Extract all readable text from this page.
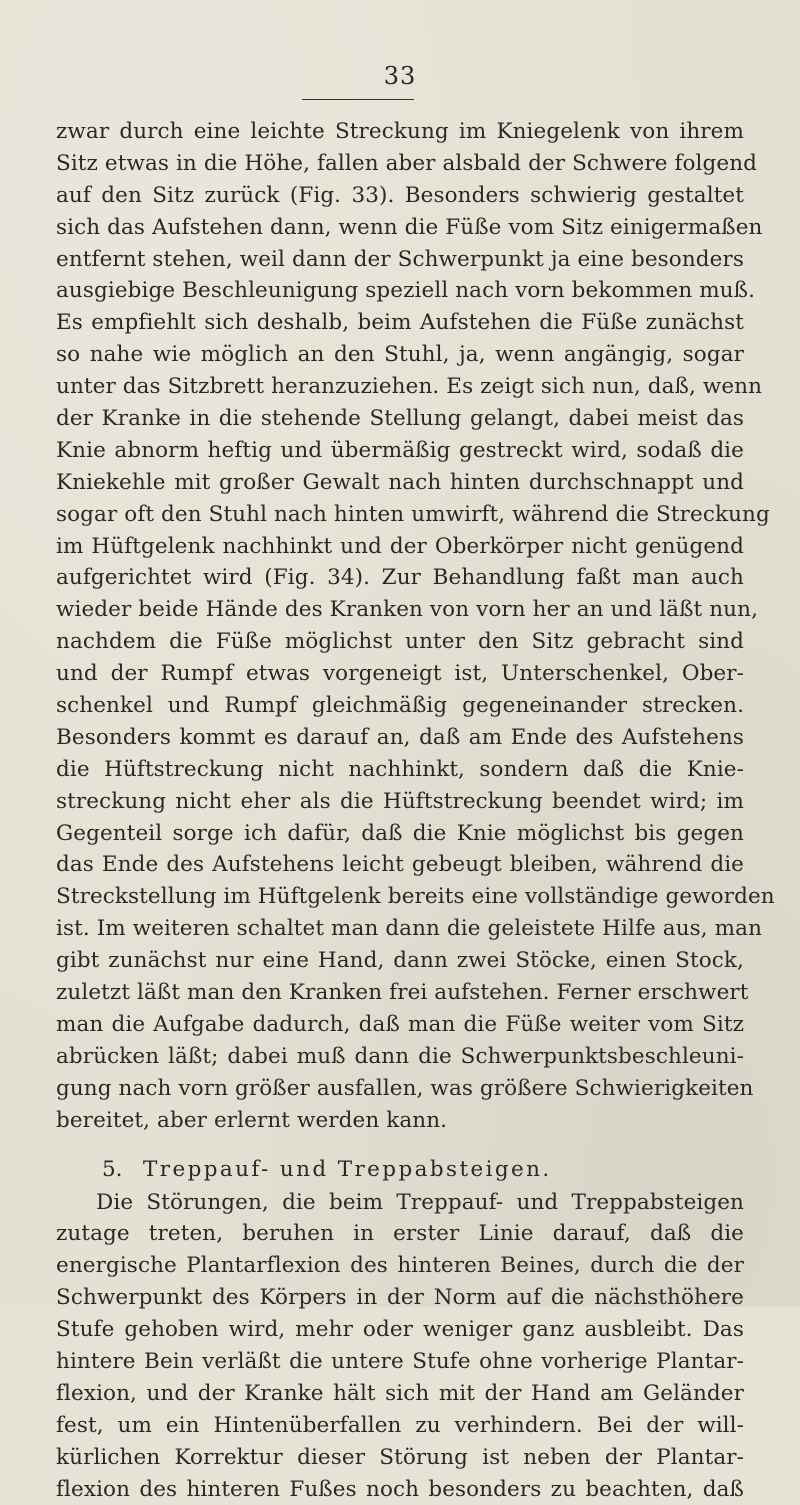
33
zwar durch eine leichte Streckung im Kniegelenk von ihrem
Sitz etwas in die Höhe, fallen aber alsbald der Schwere folgend
auf den Sitz zurück (Fig. 33). Besonders schwierig gestaltet
sich das Aufstehen dann, wenn die Füße vom Sitz einigermaßen
entfernt stehen, weil dann der Schwerpunkt ja eine besonders
ausgiebige Beschleunigung speziell nach vorn bekommen muß.
Es empfiehlt sich deshalb, beim Aufstehen die Füße zunächst
so nahe wie möglich an den Stuhl, ja, wenn angängig, sogar
unter das Sitzbrett heranzuziehen. Es zeigt sich nun, daß, wenn
der Kranke in die stehende Stellung gelangt, dabei meist das
Knie abnorm heftig und übermäßig gestreckt wird, sodaß die
Kniekehle mit großer Gewalt nach hinten durchschnappt und
sogar oft den Stuhl nach hinten umwirft, während die Streckung
im Hüftgelenk nachhinkt und der Oberkörper nicht genügend
aufgerichtet wird (Fig. 34). Zur Behandlung faßt man auch
wieder beide Hände des Kranken von vorn her an und läßt nun,
nachdem die Füße möglichst unter den Sitz gebracht sind
und der Rumpf etwas vorgeneigt ist, Unterschenkel, Ober-
schenkel und Rumpf gleichmäßig gegeneinander strecken.
Besonders kommt es darauf an, daß am Ende des Aufstehens
die Hüftstreckung nicht nachhinkt, sondern daß die Knie-
streckung nicht eher als die Hüftstreckung beendet wird; im
Gegenteil sorge ich dafür, daß die Knie möglichst bis gegen
das Ende des Aufstehens leicht gebeugt bleiben, während die
Streckstellung im Hüftgelenk bereits eine vollständige geworden
ist. Im weiteren schaltet man dann die geleistete Hilfe aus, man
gibt zunächst nur eine Hand, dann zwei Stöcke, einen Stock,
zuletzt läßt man den Kranken frei aufstehen. Ferner erschwert
man die Aufgabe dadurch, daß man die Füße weiter vom Sitz
abrücken läßt; dabei muß dann die Schwerpunktsbeschleuni-
gung nach vorn größer ausfallen, was größere Schwierigkeiten
bereitet, aber erlernt werden kann.
5. Treppauf- und Treppabsteigen.
Die Störungen, die beim Treppauf- und Treppabsteigen
zutage treten, beruhen in erster Linie darauf, daß die
energische Plantarflexion des hinteren Beines, durch die der
Schwerpunkt des Körpers in der Norm auf die nächsthöhere
Stufe gehoben wird, mehr oder weniger ganz ausbleibt. Das
hintere Bein verläßt die untere Stufe ohne vorherige Plantar-
flexion, und der Kranke hält sich mit der Hand am Geländer
fest, um ein Hintenüberfallen zu verhindern. Bei der will-
kürlichen Korrektur dieser Störung ist neben der Plantar-
flexion des hinteren Fußes noch besonders zu beachten, daß
